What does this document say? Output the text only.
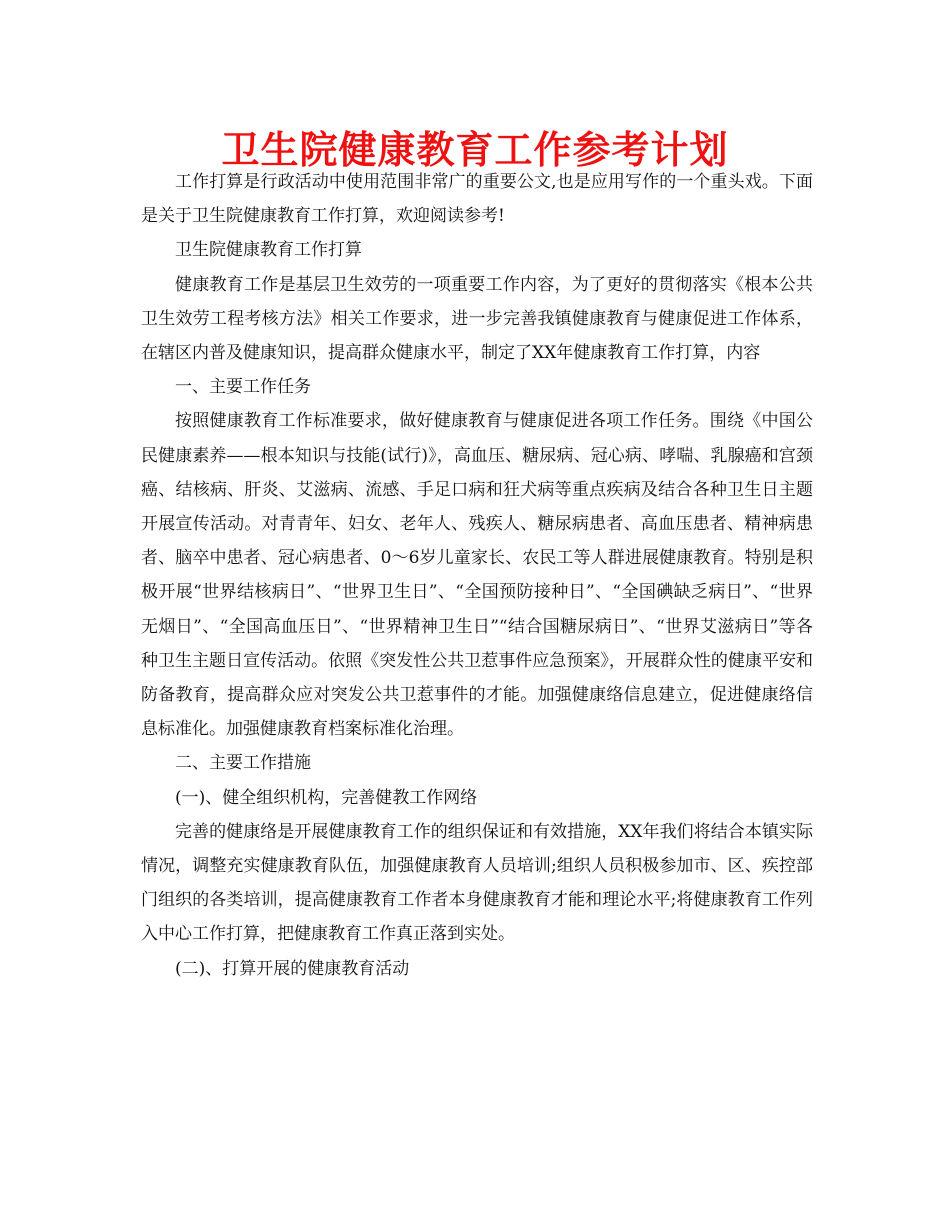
卫生院健康教育工作参考计划

工作打算是行政活动中使用范围非常广的重要公文,也是应用写作的一个重头戏。下面是关于卫生院健康教育工作打算，欢迎阅读参考!

卫生院健康教育工作打算

健康教育工作是基层卫生效劳的一项重要工作内容，为了更好的贯彻落实《根本公共卫生效劳工程考核方法》相关工作要求，进一步完善我镇健康教育与健康促进工作体系，在辖区内普及健康知识，提高群众健康水平，制定了XX年健康教育工作打算，内容

一、主要工作任务

按照健康教育工作标准要求，做好健康教育与健康促进各项工作任务。围绕《中国公民健康素养——根本知识与技能(试行)》，高血压、糖尿病、冠心病、哮喘、乳腺癌和宫颈癌、结核病、肝炎、艾滋病、流感、手足口病和狂犬病等重点疾病及结合各种卫生日主题开展宣传活动。对青青年、妇女、老年人、残疾人、糖尿病患者、高血压患者、精神病患者、脑卒中患者、冠心病患者、0～6岁儿童家长、农民工等人群进展健康教育。特别是积极开展“世界结核病日”、“世界卫生日”、“全国预防接种日”、“全国碘缺乏病日”、“世界无烟日”、“全国高血压日”、“世界精神卫生日”“结合国糖尿病日”、“世界艾滋病日”等各种卫生主题日宣传活动。依照《突发性公共卫惹事件应急预案》，开展群众性的健康平安和防备教育，提高群众应对突发公共卫惹事件的才能。加强健康络信息建立，促进健康络信息标准化。加强健康教育档案标准化治理。

二、主要工作措施

(一)、健全组织机构，完善健教工作网络

完善的健康络是开展健康教育工作的组织保证和有效措施，XX年我们将结合本镇实际情况，调整充实健康教育队伍，加强健康教育人员培训;组织人员积极参加市、区、疾控部门组织的各类培训，提高健康教育工作者本身健康教育才能和理论水平;将健康教育工作列入中心工作打算，把健康教育工作真正落到实处。

(二)、打算开展的健康教育活动
